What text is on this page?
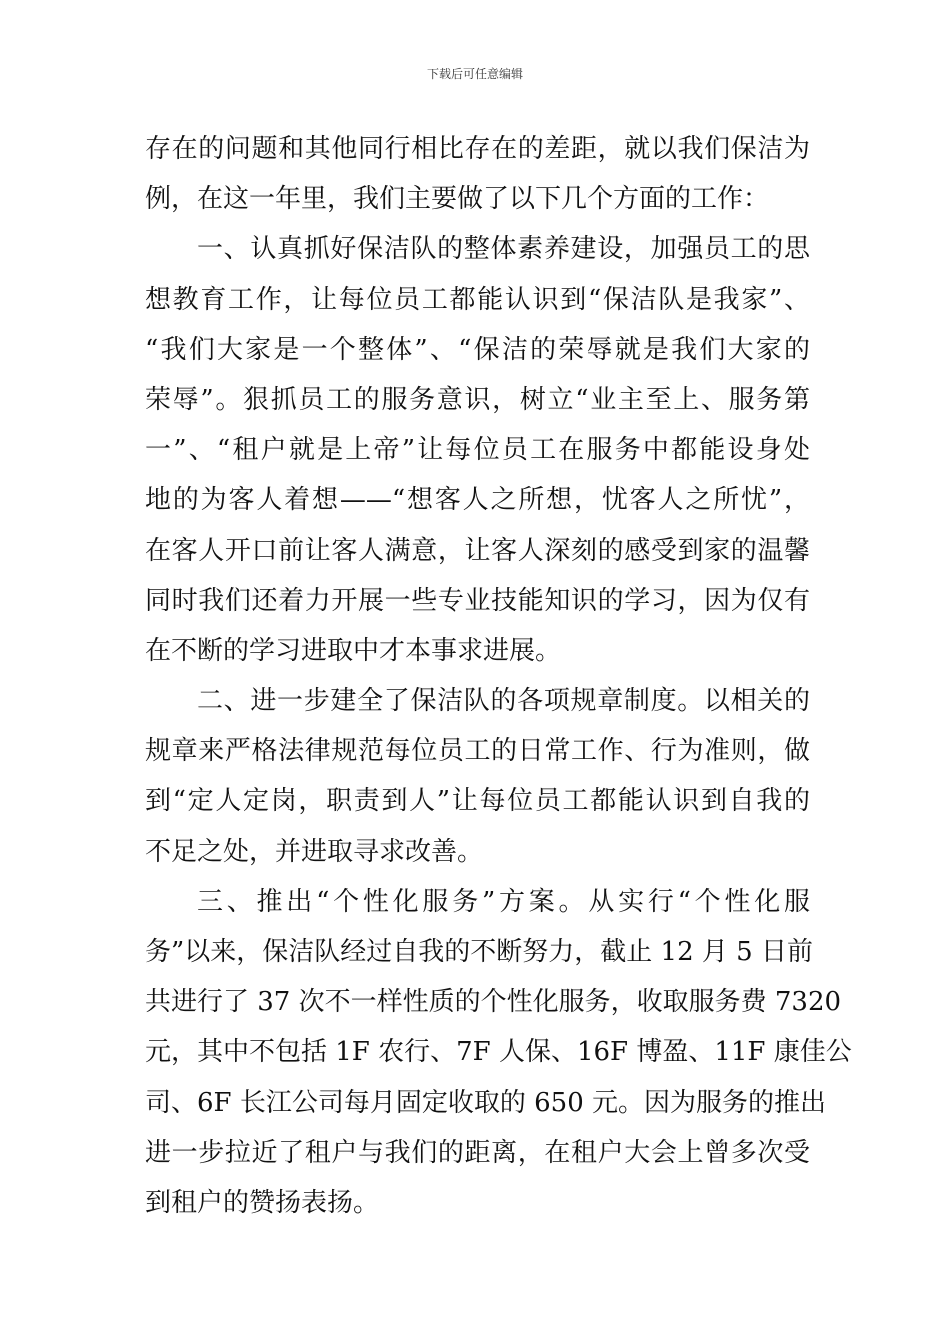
下载后可任意编辑
存在的问题和其他同行相比存在的差距，就以我们保洁为
例，在这一年里，我们主要做了以下几个方面的工作：
一、认真抓好保洁队的整体素养建设，加强员工的思
想教育工作，让每位员工都能认识到“保洁队是我家”、
“我们大家是一个整体”、“保洁的荣辱就是我们大家的
荣辱”。狠抓员工的服务意识，树立“业主至上、服务第
一”、“租户就是上帝”让每位员工在服务中都能设身处
地的为客人着想——“想客人之所想，忧客人之所忧”，
在客人开口前让客人满意，让客人深刻的感受到家的温馨
同时我们还着力开展一些专业技能知识的学习，因为仅有
在不断的学习进取中才本事求进展。
二、进一步建全了保洁队的各项规章制度。以相关的
规章来严格法律规范每位员工的日常工作、行为准则，做
到“定人定岗，职责到人”让每位员工都能认识到自我的
不足之处，并进取寻求改善。
三、推出“个性化服务”方案。从实行“个性化服
务”以来，保洁队经过自我的不断努力，截止 12 月 5 日前
共进行了 37 次不一样性质的个性化服务，收取服务费 7320
元，其中不包括 1F 农行、7F 人保、16F 博盈、11F 康佳公
司、6F 长江公司每月固定收取的 650 元。因为服务的推出
进一步拉近了租户与我们的距离，在租户大会上曾多次受
到租户的赞扬表扬。
